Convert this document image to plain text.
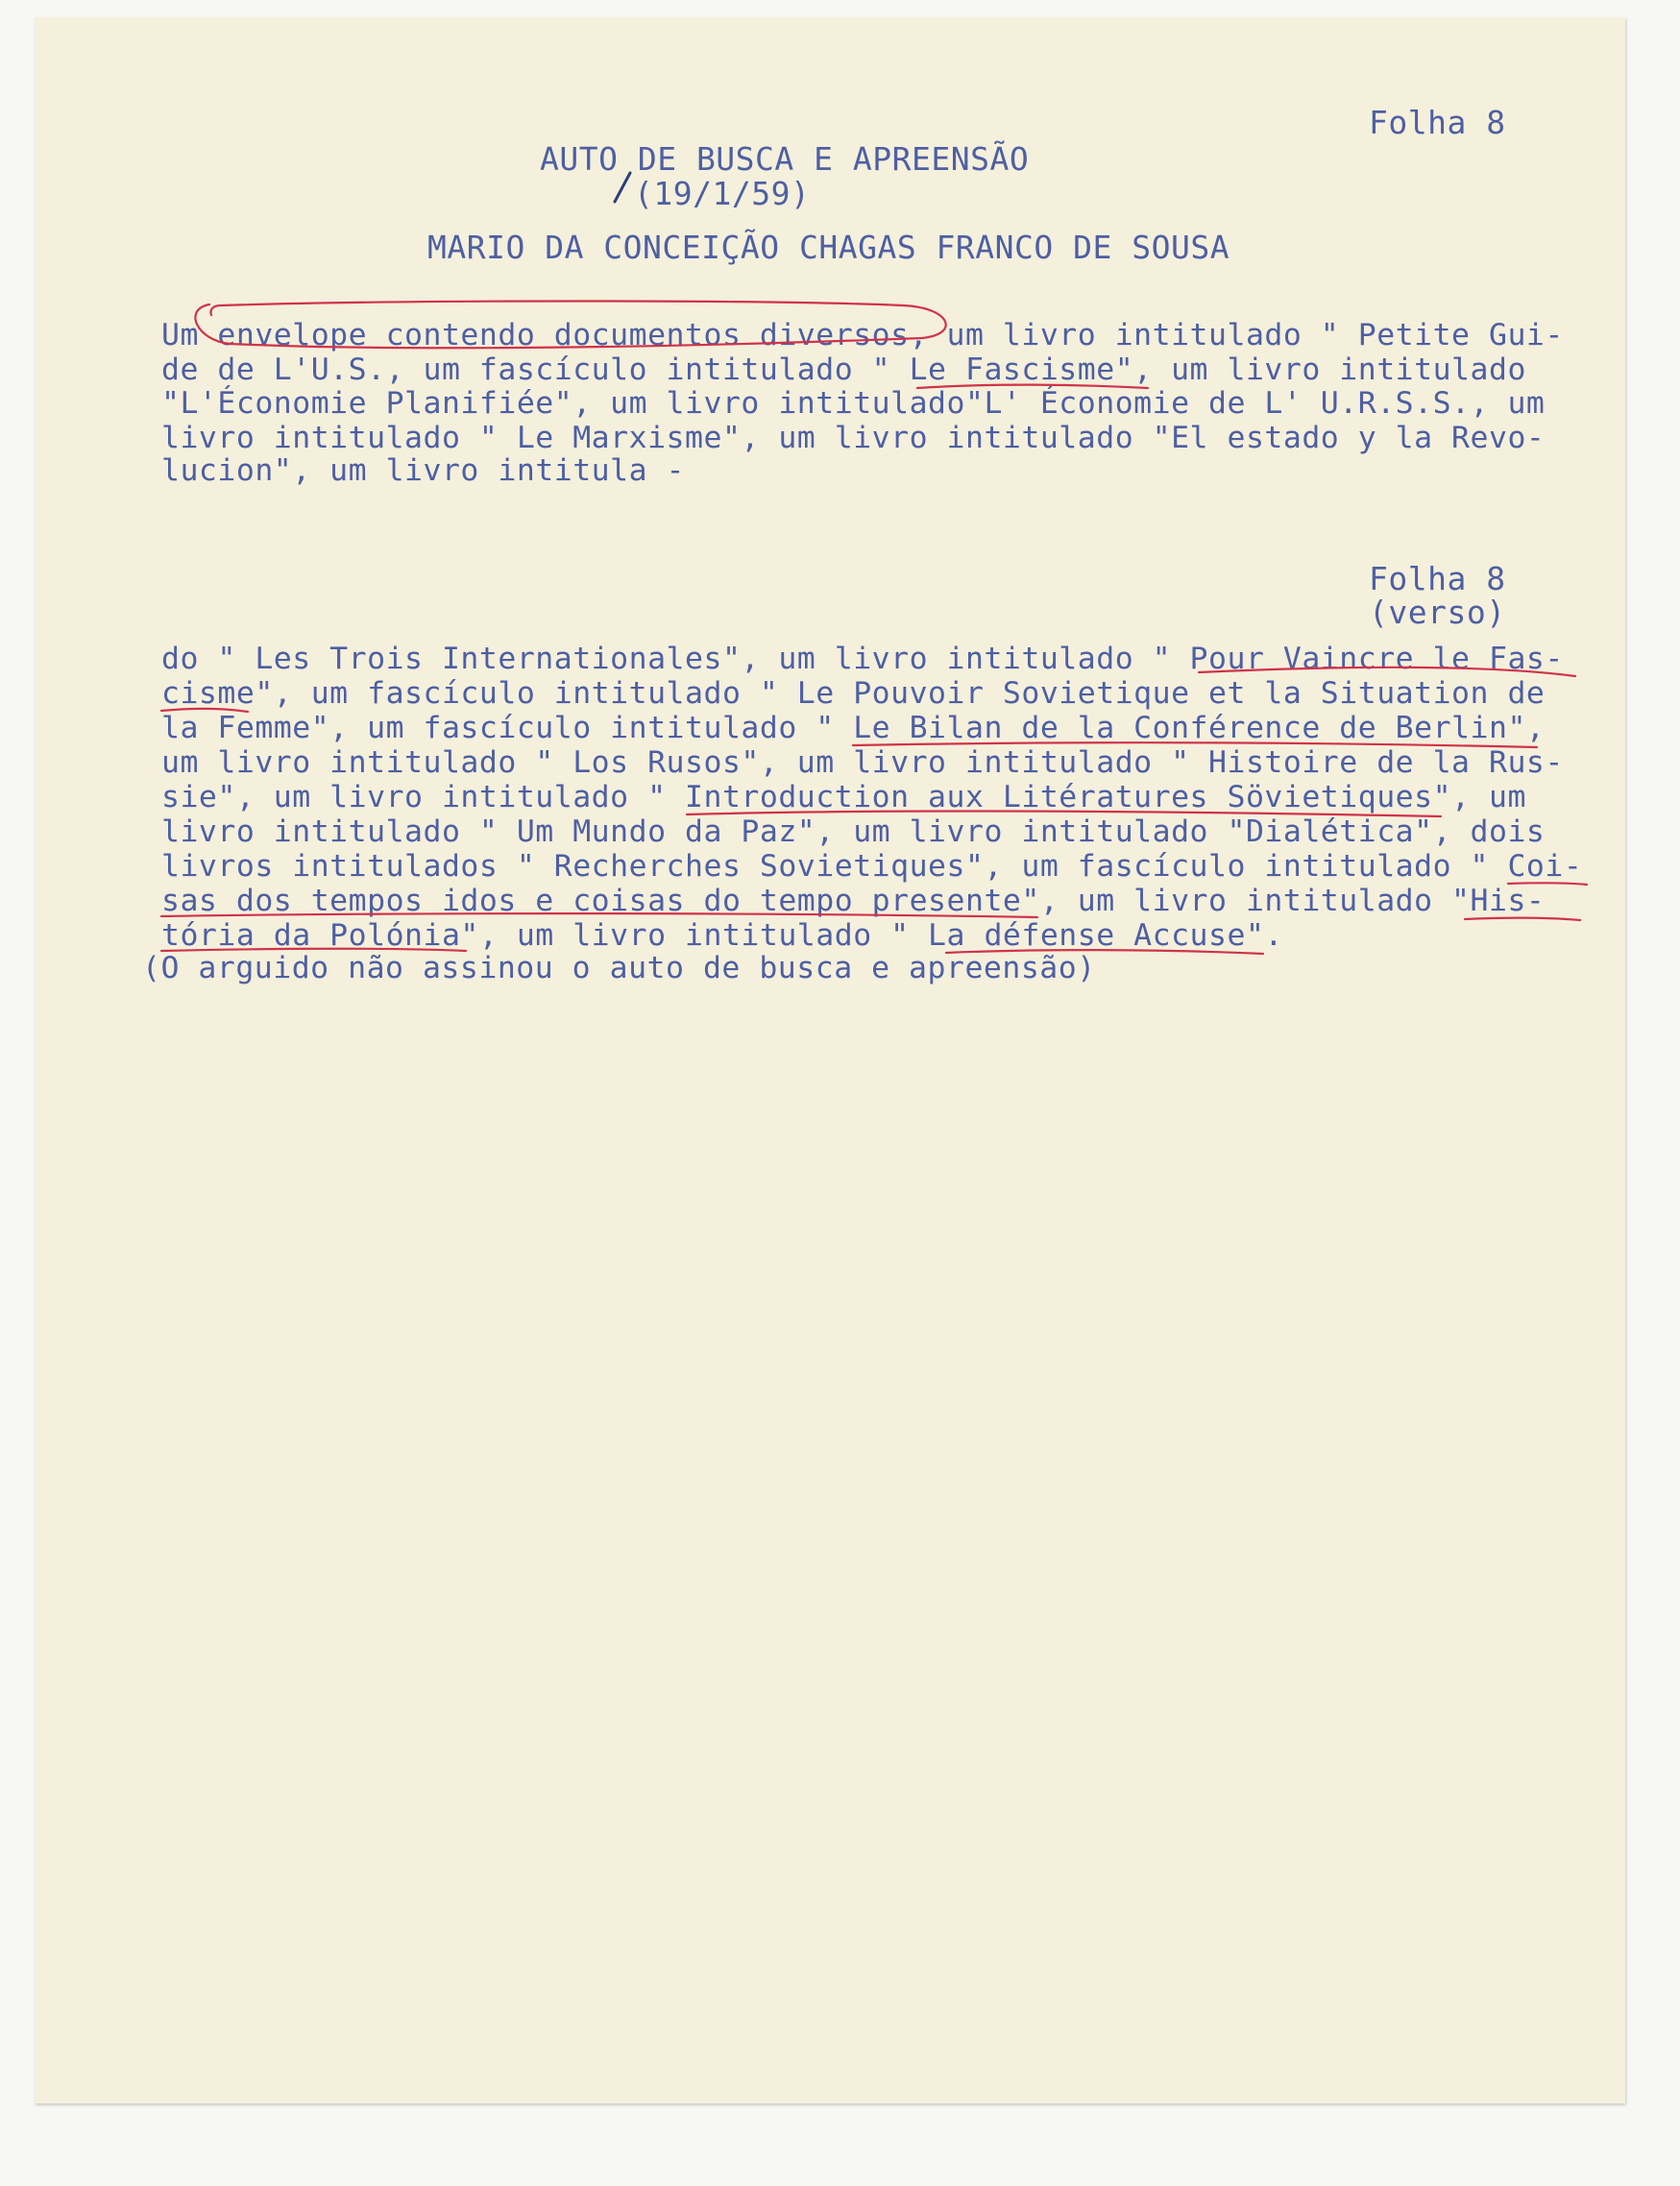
Folha 8

AUTO DE BUSCA E APREENSÃO

(19/1/59)

MARIO DA CONCEIÇÃO CHAGAS FRANCO DE SOUSA

Um envelope contendo documentos diversos, um livro intitulado " Petite Gui-

de de L'U.S., um fascículo intitulado " Le Fascisme", um livro intitulado

"L'Économie Planifiée", um livro intitulado"L' Économie de L' U.R.S.S., um

livro intitulado " Le Marxisme", um livro intitulado "El estado y la Revo-

lucion", um livro intitula -

Folha 8

(verso)

do " Les Trois Internationales", um livro intitulado " Pour Vaincre le Fas-

cisme", um fascículo intitulado " Le Pouvoir Sovietique et la Situation de

la Femme", um fascículo intitulado " Le Bilan de la Conférence de Berlin",

um livro intitulado " Los Rusos", um livro intitulado " Histoire de la Rus-

sie", um livro intitulado " Introduction aux Litératures Sövietiques", um

livro intitulado " Um Mundo da Paz", um livro intitulado "Dialética", dois

livros intitulados " Recherches Sovietiques", um fascículo intitulado " Coi-

sas dos tempos idos e coisas do tempo presente", um livro intitulado "His-

tória da Polónia", um livro intitulado " La défense Accuse".

(O arguido não assinou o auto de busca e apreensão)
